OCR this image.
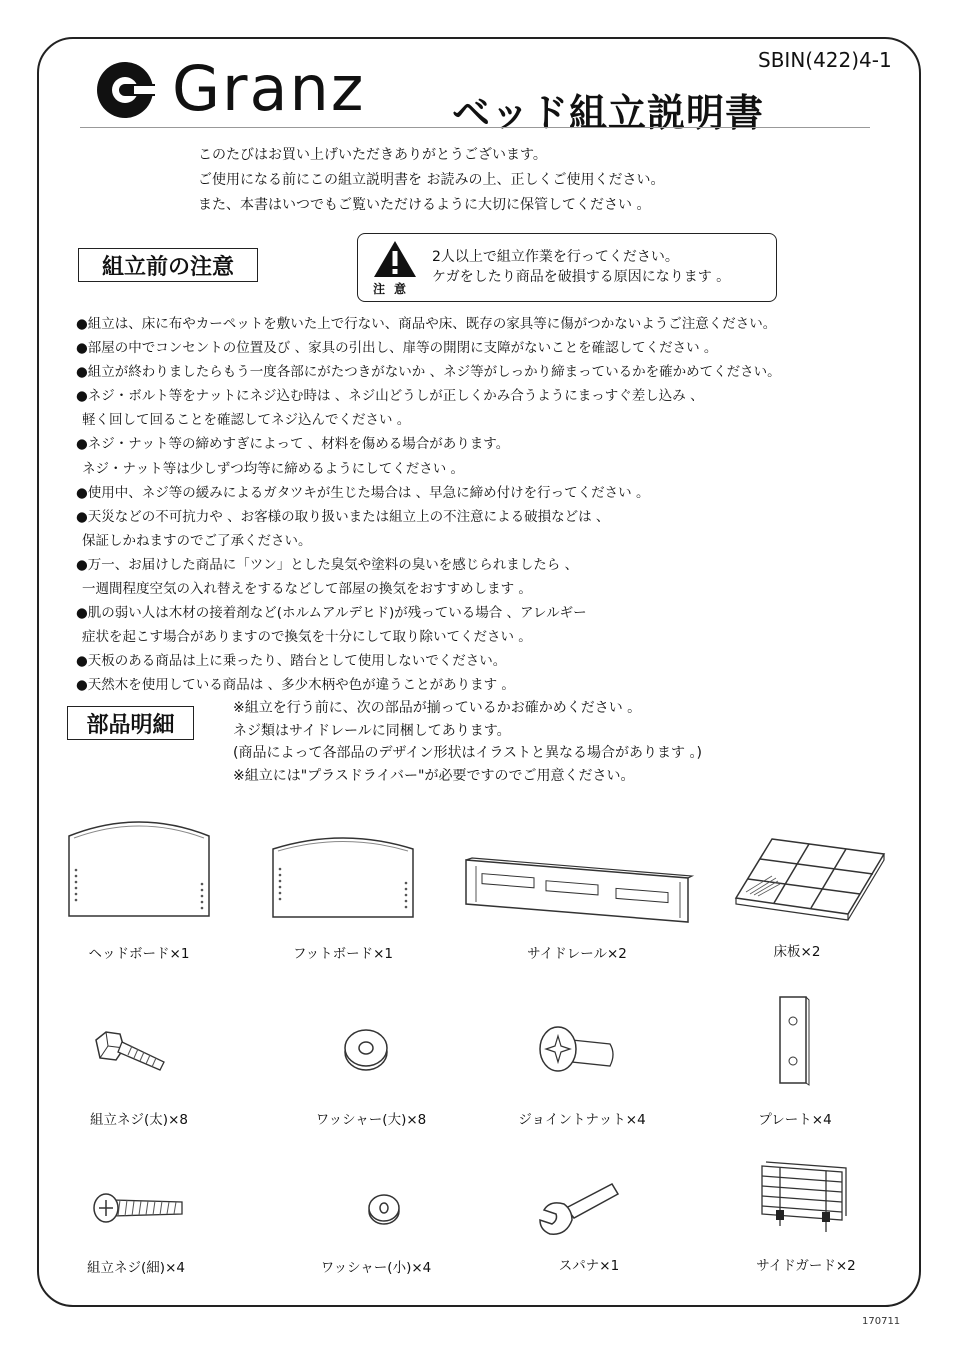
Granz ベッド組立説明書
SBIN(422)4-1
このたびはお買い上げいただきありがとうございます。
ご使用になる前にこの組立説明書を お読みの上、正しくご使用ください。
また、本書はいつでもご覧いただけるように大切に保管してください 。
組立前の注意
注意
2人以上で組立作業を行ってください。
ケガをしたり商品を破損する原因になります 。
●組立は、床に布やカーペットを敷いた上で行ない、商品や床、既存の家具等に傷がつかないようご注意ください。
●部屋の中でコンセントの位置及び 、家具の引出し、扉等の開閉に支障がないことを確認してください 。
●組立が終わりましたらもう一度各部にがたつきがないか 、ネジ等がしっかり締まっているかを確かめてください。
●ネジ・ボルト等をナットにネジ込む時は 、ネジ山どうしが正しくかみ合うようにまっすぐ差し込み 、
軽く回して回ることを確認してネジ込んでください 。
●ネジ・ナット等の締めすぎによって 、材料を傷める場合があります。
ネジ・ナット等は少しずつ均等に締めるようにしてください 。
●使用中、ネジ等の緩みによるガタツキが生じた場合は 、早急に締め付けを行ってください 。
●天災などの不可抗力や 、お客様の取り扱いまたは組立上の不注意による破損などは 、
保証しかねますのでご了承ください。
●万一、お届けした商品に「ツン」とした臭気や塗料の臭いを感じられましたら 、
一週間程度空気の入れ替えをするなどして部屋の換気をおすすめします 。
●肌の弱い人は木材の接着剤など(ホルムアルデヒド)が残っている場合 、アレルギー
症状を起こす場合がありますので換気を十分にして取り除いてください 。
●天板のある商品は上に乗ったり、踏台として使用しないでください。
●天然木を使用している商品は 、多少木柄や色が違うことがあります 。
部品明細
※組立を行う前に、次の部品が揃っているかお確かめください 。
ネジ類はサイドレールに同梱してあります。
(商品によって各部品のデザイン形状はイラストと異なる場合があります 。)
※組立には"プラスドライバー"が必要ですのでご用意ください。
ヘッドボード×1	フットボード×1	サイドレール×2	床板×2
組立ネジ(太)×8	ワッシャー(大)×8	ジョイントナット×4	プレート×4
組立ネジ(細)×4	ワッシャー(小)×4	スパナ×1	サイドガード×2
170711
